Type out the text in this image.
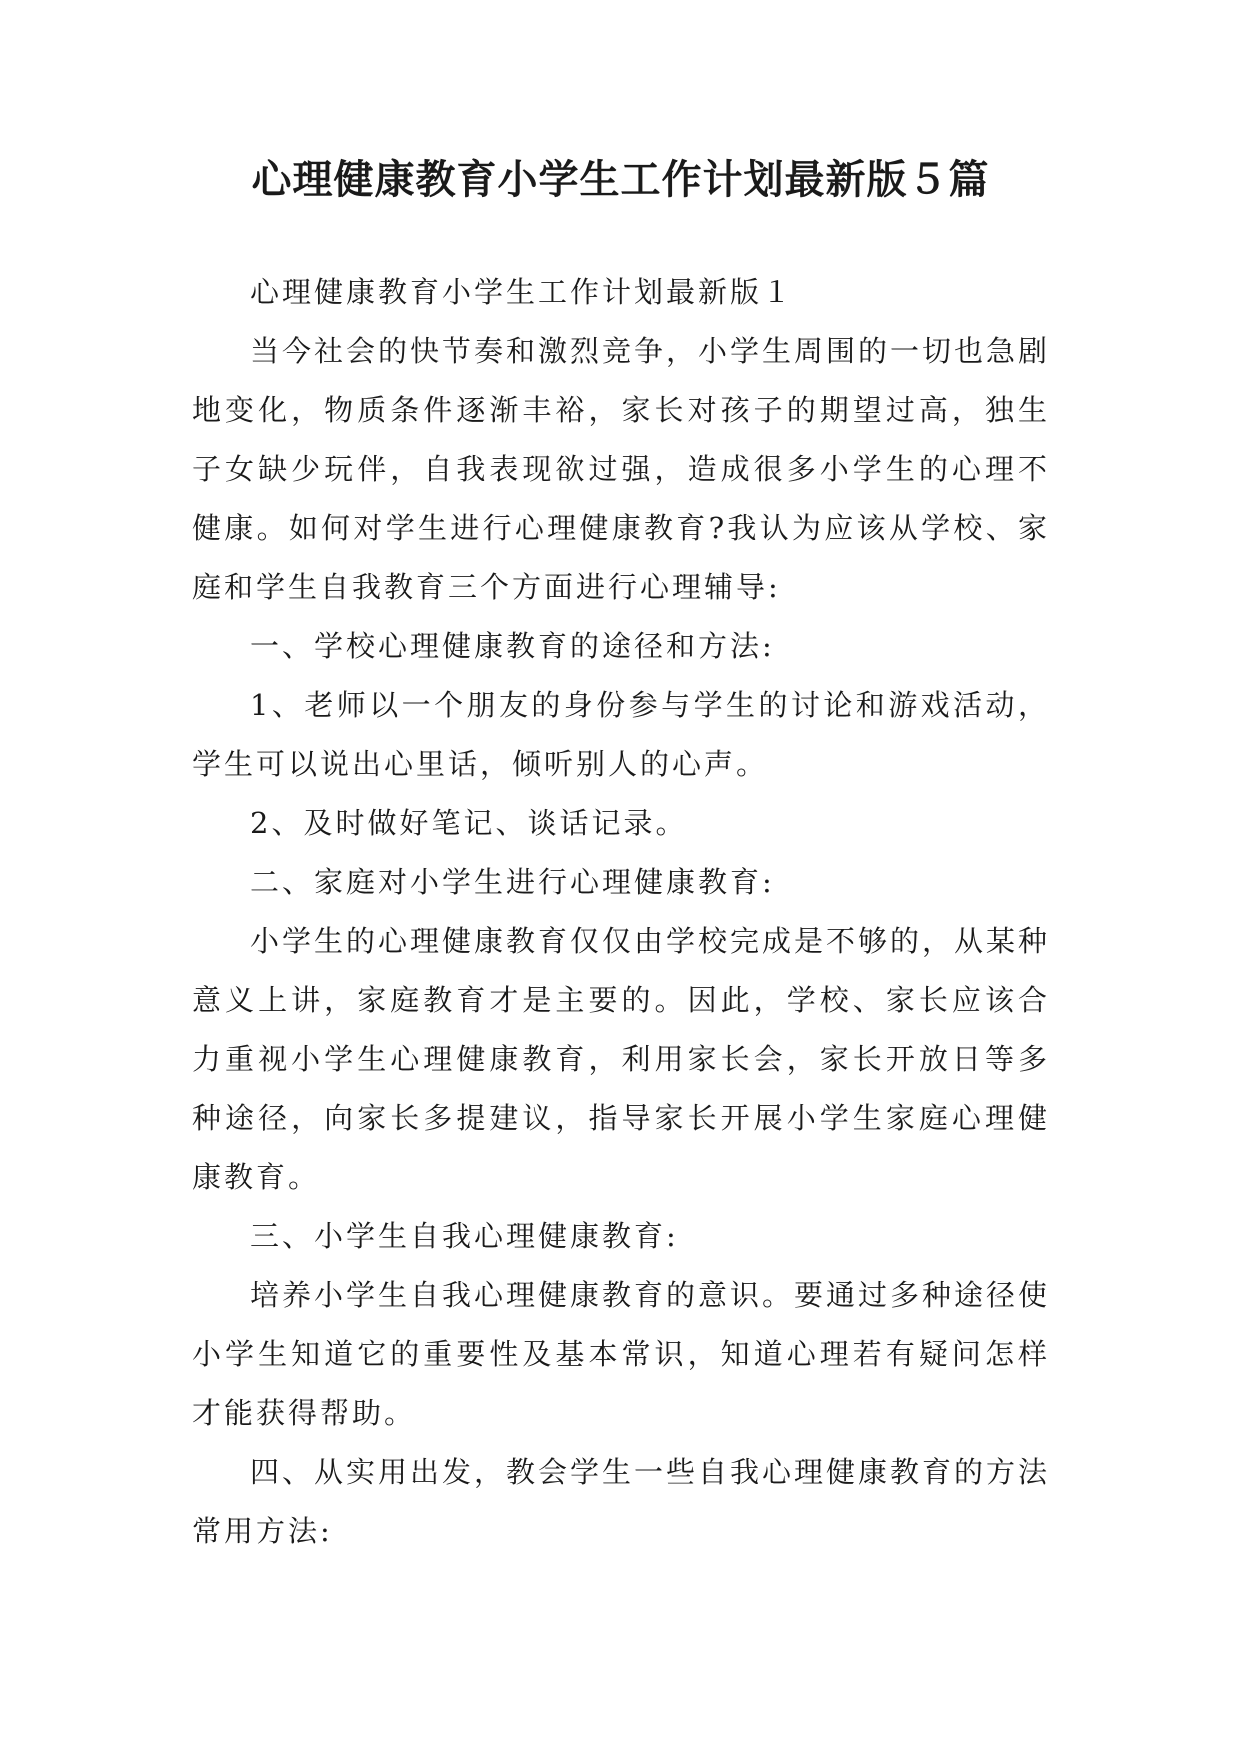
心理健康教育小学生工作计划最新版５篇

心理健康教育小学生工作计划最新版１

当今社会的快节奏和激烈竞争，小学生周围的一切也急剧地变化，物质条件逐渐丰裕，家长对孩子的期望过高，独生子女缺少玩伴，自我表现欲过强，造成很多小学生的心理不健康。如何对学生进行心理健康教育?我认为应该从学校、家庭和学生自我教育三个方面进行心理辅导:

一、学校心理健康教育的途径和方法:

1、老师以一个朋友的身份参与学生的讨论和游戏活动，学生可以说出心里话，倾听别人的心声。

2、及时做好笔记、谈话记录。

二、家庭对小学生进行心理健康教育:

小学生的心理健康教育仅仅由学校完成是不够的，从某种意义上讲，家庭教育才是主要的。因此，学校、家长应该合力重视小学生心理健康教育，利用家长会，家长开放日等多种途径，向家长多提建议，指导家长开展小学生家庭心理健康教育。

三、小学生自我心理健康教育:

培养小学生自我心理健康教育的意识。要通过多种途径使小学生知道它的重要性及基本常识，知道心理若有疑问怎样才能获得帮助。

四、从实用出发，教会学生一些自我心理健康教育的方法常用方法:
